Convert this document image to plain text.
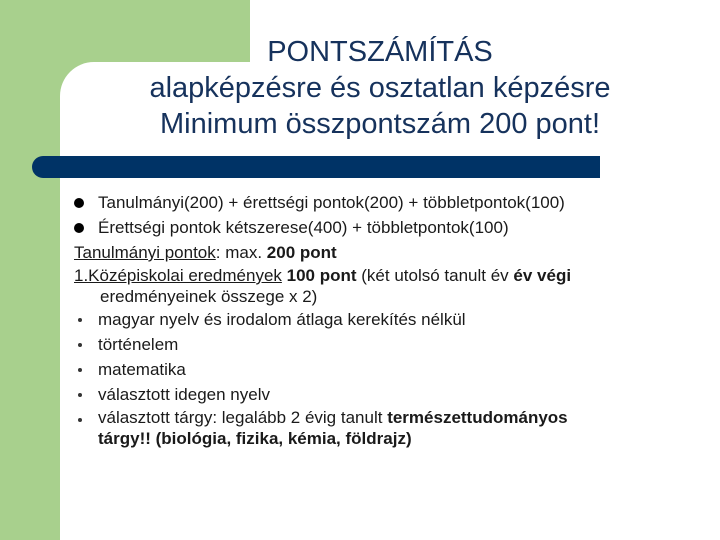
PONTSZÁMÍTÁS
alapképzésre és osztatlan képzésre
Minimum összpontszám 200 pont!
Tanulmányi(200) + érettségi pontok(200) + többletpontok(100)
Érettségi pontok kétszerese(400) + többletpontok(100)
Tanulmányi pontok: max. 200 pont
1.Középiskolai eredmények 100 pont (két utolsó tanult év év végi
eredményeinek összege x 2)
magyar nyelv és irodalom átlaga kerekítés nélkül
történelem
matematika
választott idegen nyelv
választott tárgy: legalább 2 évig tanult természettudományos
tárgy!! (biológia, fizika, kémia, földrajz)
